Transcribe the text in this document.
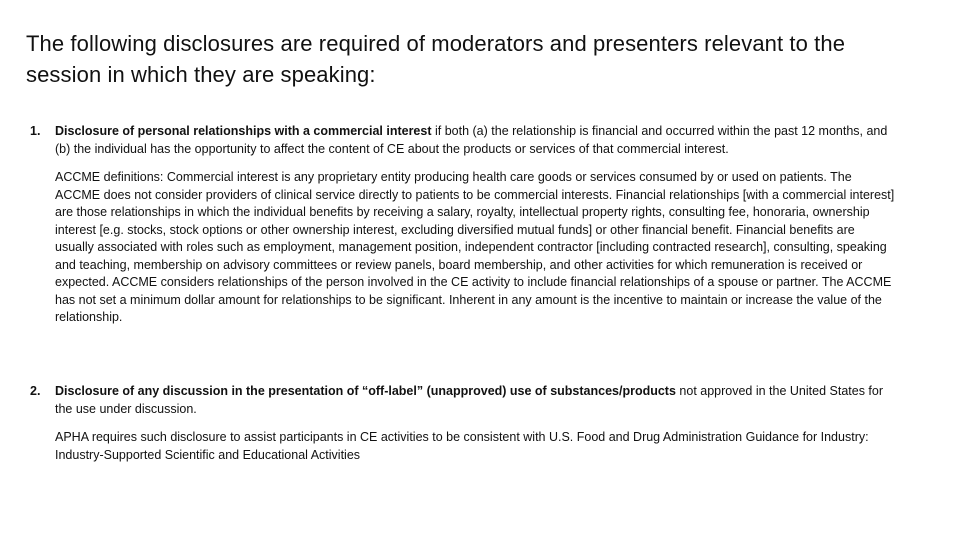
The following disclosures are required of moderators and presenters relevant to the session in which they are speaking:
1. Disclosure of personal relationships with a commercial interest if both (a) the relationship is financial and occurred within the past 12 months, and (b) the individual has the opportunity to affect the content of CE about the products or services of that commercial interest.

ACCME definitions: Commercial interest is any proprietary entity producing health care goods or services consumed by or used on patients. The ACCME does not consider providers of clinical service directly to patients to be commercial interests. Financial relationships [with a commercial interest] are those relationships in which the individual benefits by receiving a salary, royalty, intellectual property rights, consulting fee, honoraria, ownership interest [e.g. stocks, stock options or other ownership interest, excluding diversified mutual funds] or other financial benefit. Financial benefits are usually associated with roles such as employment, management position, independent contractor [including contracted research], consulting, speaking and teaching, membership on advisory committees or review panels, board membership, and other activities for which remuneration is received or expected. ACCME considers relationships of the person involved in the CE activity to include financial relationships of a spouse or partner. The ACCME has not set a minimum dollar amount for relationships to be significant. Inherent in any amount is the incentive to maintain or increase the value of the relationship.

2. Disclosure of any discussion in the presentation of “off-label” (unapproved) use of substances/products not approved in the United States for the use under discussion.

APHA requires such disclosure to assist participants in CE activities to be consistent with U.S. Food and Drug Administration Guidance for Industry: Industry-Supported Scientific and Educational Activities
